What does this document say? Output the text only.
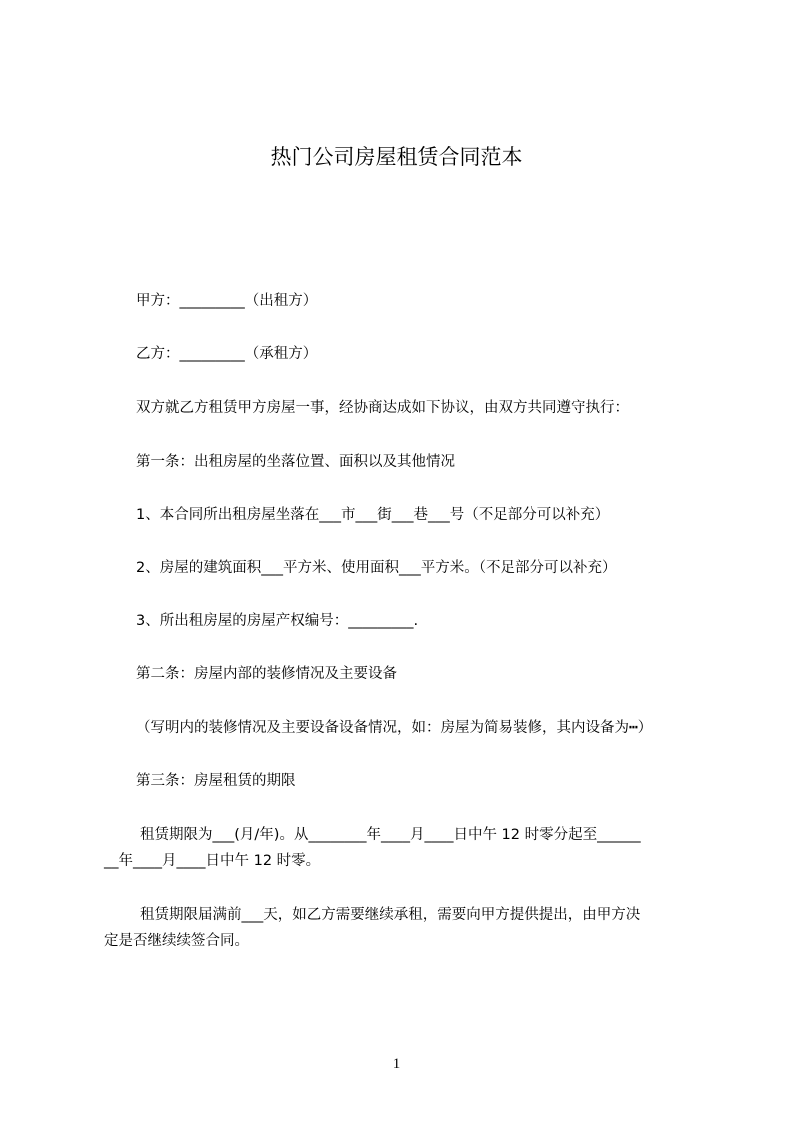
热门公司房屋租赁合同范本
甲方：_________（出租方）
乙方：_________（承租方）
双方就乙方租赁甲方房屋一事，经协商达成如下协议，由双方共同遵守执行：
第一条：出租房屋的坐落位置、面积以及其他情况
1、本合同所出租房屋坐落在___市___街___巷___号（不足部分可以补充）
2、房屋的建筑面积___平方米、使用面积___平方米。（不足部分可以补充）
3、所出租房屋的房屋产权编号：_________.
第二条：房屋内部的装修情况及主要设备
（写明内的装修情况及主要设备设备情况，如：房屋为简易装修，其内设备为┅）
第三条：房屋租赁的期限
租赁期限为___(月/年)。从________年____月____日中午 12 时零分起至______
__年____月____日中午 12 时零。
租赁期限届满前___天，如乙方需要继续承租，需要向甲方提供提出，由甲方决
定是否继续续签合同。
1
